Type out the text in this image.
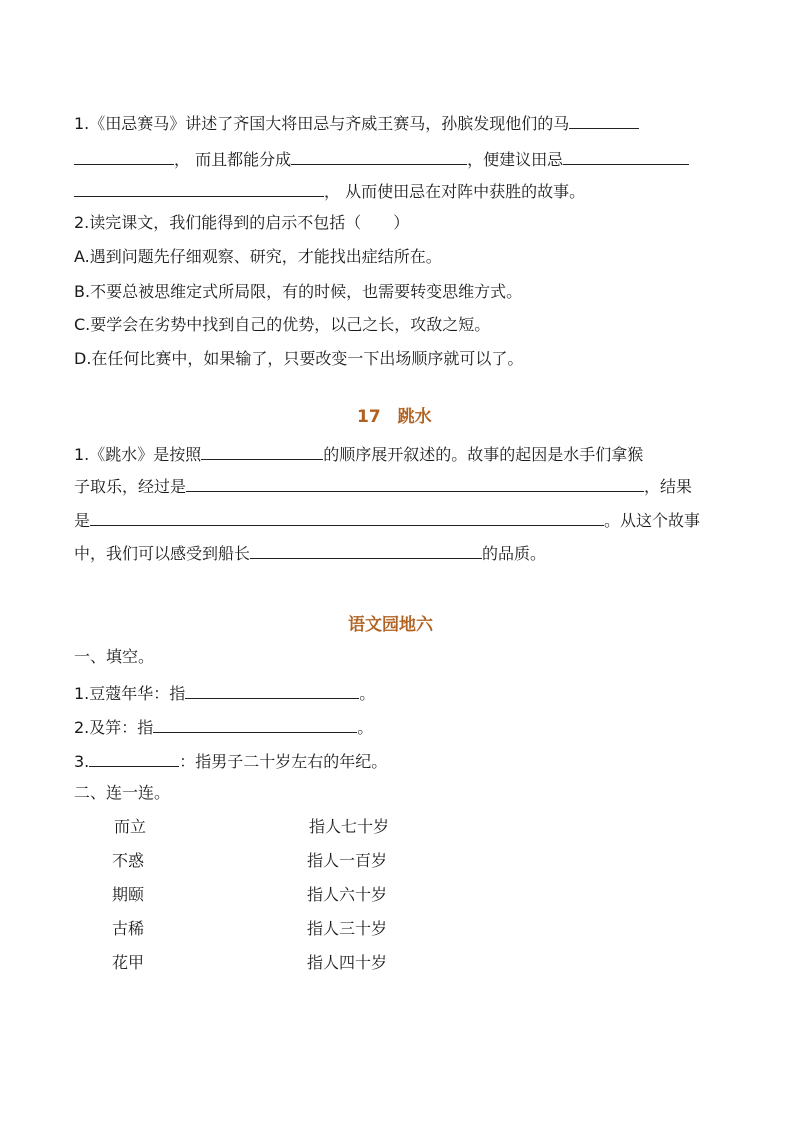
1.《田忌赛马》讲述了齐国大将田忌与齐威王赛马，孙膑发现他们的马
， 而且都能分成	，便建议田忌
， 从而使田忌在对阵中获胜的故事。
2.读完课文，我们能得到的启示不包括（　　）
A.遇到问题先仔细观察、研究，才能找出症结所在。
B.不要总被思维定式所局限，有的时候，也需要转变思维方式。
C.要学会在劣势中找到自己的优势，以己之长，攻敌之短。
D.在任何比赛中，如果输了，只要改变一下出场顺序就可以了。
17　跳水
1.《跳水》是按照	的顺序展开叙述的。故事的起因是水手们拿猴
子取乐，经过是	，结果
是	。从这个故事
中，我们可以感受到船长	的品质。
语文园地六
一、填空。
1.豆蔻年华：指	。
2.及笄：指	。
3.	：指男子二十岁左右的年纪。
二、连一连。
而立	指人七十岁
不惑	指人一百岁
期颐	指人六十岁
古稀	指人三十岁
花甲	指人四十岁
